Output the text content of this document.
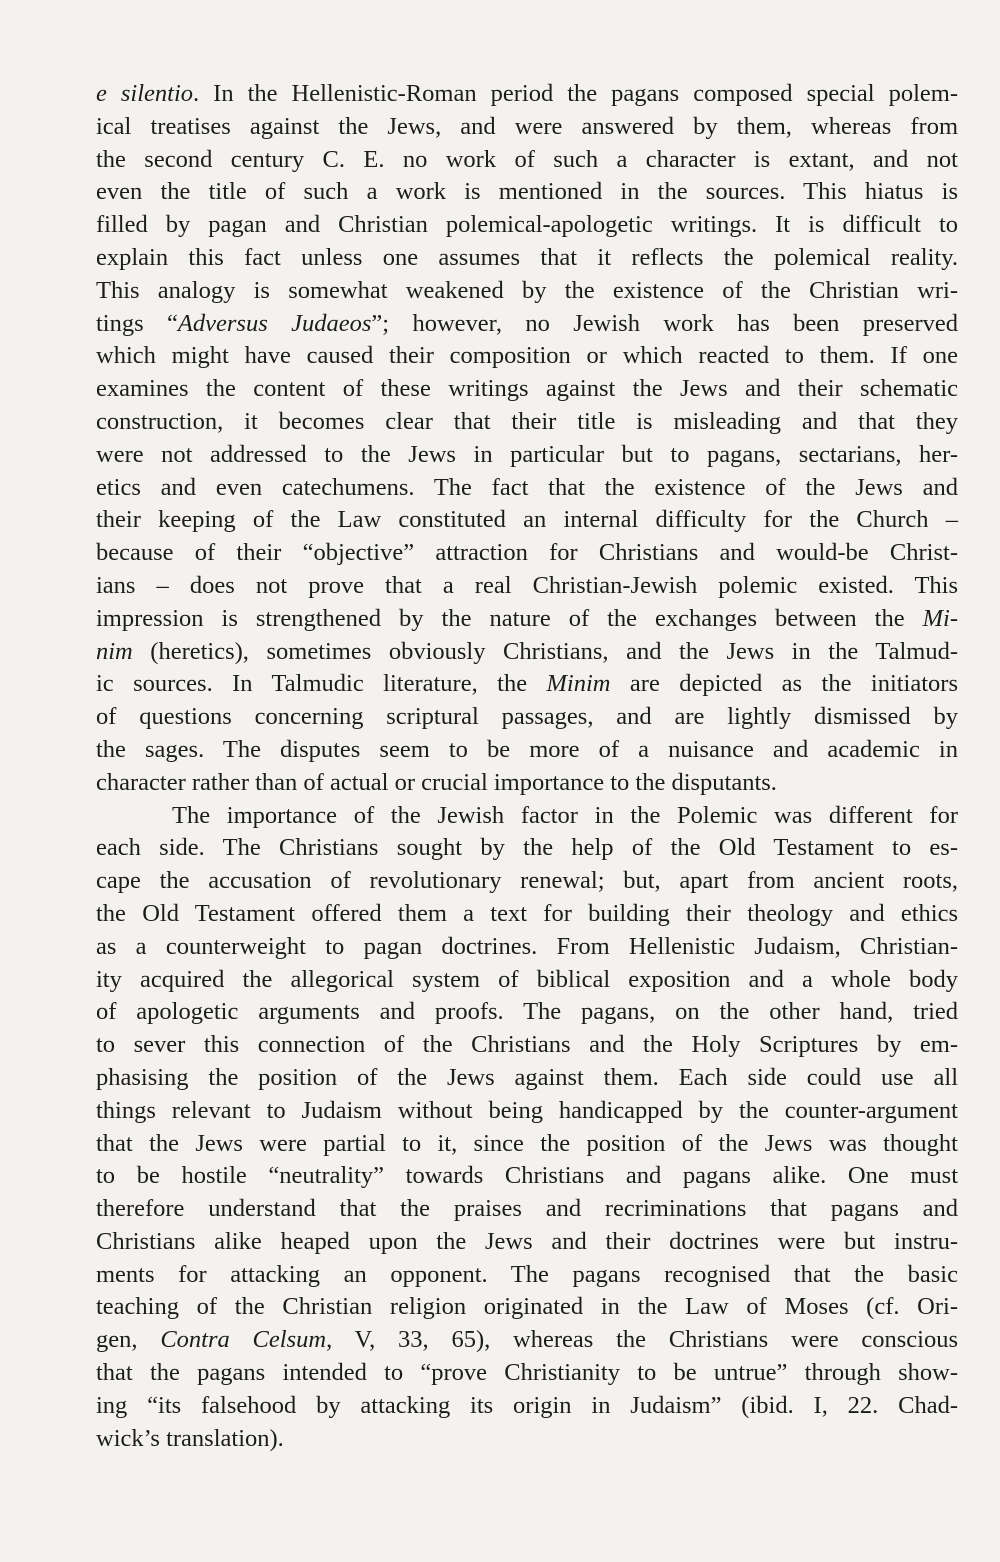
e silentio. In the Hellenistic-Roman period the pagans composed special polem-
ical treatises against the Jews, and were answered by them, whereas from
the second century C. E. no work of such a character is extant, and not
even the title of such a work is mentioned in the sources. This hiatus is
filled by pagan and Christian polemical-apologetic writings. It is difficult to
explain this fact unless one assumes that it reflects the polemical reality.
This analogy is somewhat weakened by the existence of the Christian wri-
tings “Adversus Judaeos”; however, no Jewish work has been preserved
which might have caused their composition or which reacted to them. If one
examines the content of these writings against the Jews and their schematic
construction, it becomes clear that their title is misleading and that they
were not addressed to the Jews in particular but to pagans, sectarians, her-
etics and even catechumens. The fact that the existence of the Jews and
their keeping of the Law constituted an internal difficulty for the Church –
because of their “objective” attraction for Christians and would-be Christ-
ians – does not prove that a real Christian-Jewish polemic existed. This
impression is strengthened by the nature of the exchanges between the Mi-
nim (heretics), sometimes obviously Christians, and the Jews in the Talmud-
ic sources. In Talmudic literature, the Minim are depicted as the initiators
of questions concerning scriptural passages, and are lightly dismissed by
the sages. The disputes seem to be more of a nuisance and academic in
character rather than of actual or crucial importance to the disputants.
The importance of the Jewish factor in the Polemic was different for
each side. The Christians sought by the help of the Old Testament to es-
cape the accusation of revolutionary renewal; but, apart from ancient roots,
the Old Testament offered them a text for building their theology and ethics
as a counterweight to pagan doctrines. From Hellenistic Judaism, Christian-
ity acquired the allegorical system of biblical exposition and a whole body
of apologetic arguments and proofs. The pagans, on the other hand, tried
to sever this connection of the Christians and the Holy Scriptures by em-
phasising the position of the Jews against them. Each side could use all
things relevant to Judaism without being handicapped by the counter-argument
that the Jews were partial to it, since the position of the Jews was thought
to be hostile “neutrality” towards Christians and pagans alike. One must
therefore understand that the praises and recriminations that pagans and
Christians alike heaped upon the Jews and their doctrines were but instru-
ments for attacking an opponent. The pagans recognised that the basic
teaching of the Christian religion originated in the Law of Moses (cf. Ori-
gen, Contra Celsum, V, 33, 65), whereas the Christians were conscious
that the pagans intended to “prove Christianity to be untrue” through show-
ing “its falsehood by attacking its origin in Judaism” (ibid. I, 22. Chad-
wick’s translation).
